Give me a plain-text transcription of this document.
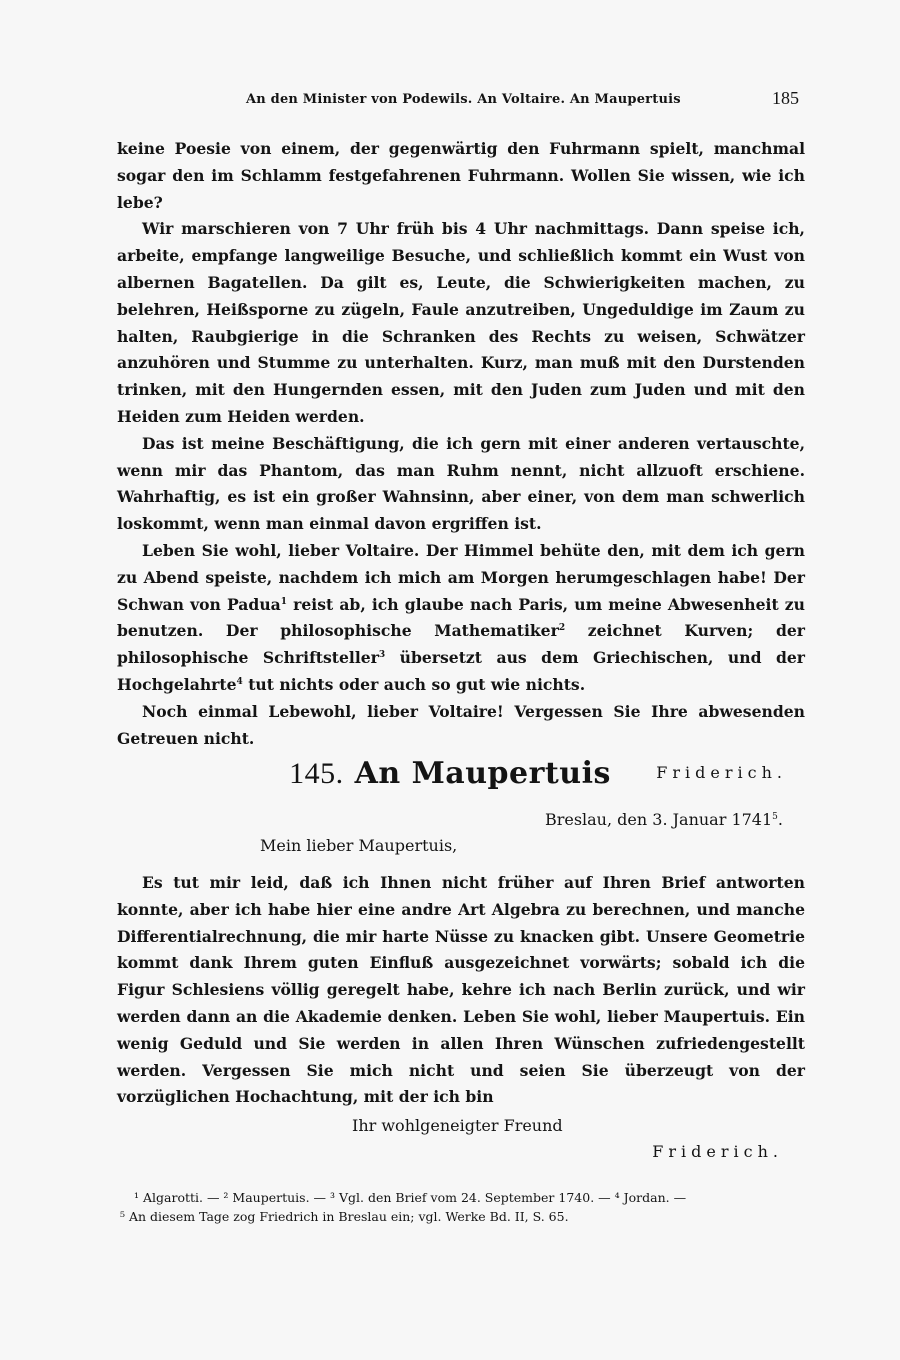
An den Minister von Podewils. An Voltaire. An Maupertuis	185

keine Poesie von einem, der gegenwärtig den Fuhrmann spielt, manchmal sogar den im Schlamm festgefahrenen Fuhrmann. Wollen Sie wissen, wie ich lebe?

Wir marschieren von 7 Uhr früh bis 4 Uhr nachmittags. Dann speise ich, arbeite, empfange langweilige Besuche, und schließlich kommt ein Wust von albernen Bagatellen. Da gilt es, Leute, die Schwierigkeiten machen, zu belehren, Heißsporne zu zügeln, Faule anzutreiben, Ungeduldige im Zaum zu halten, Raubgierige in die Schranken des Rechts zu weisen, Schwätzer anzuhören und Stumme zu unterhalten. Kurz, man muß mit den Durstenden trinken, mit den Hungernden essen, mit den Juden zum Juden und mit den Heiden zum Heiden werden.

Das ist meine Beschäftigung, die ich gern mit einer anderen vertauschte, wenn mir das Phantom, das man Ruhm nennt, nicht allzuoft erschiene. Wahrhaftig, es ist ein großer Wahnsinn, aber einer, von dem man schwerlich loskommt, wenn man einmal davon ergriffen ist.

Leben Sie wohl, lieber Voltaire. Der Himmel behüte den, mit dem ich gern zu Abend speiste, nachdem ich mich am Morgen herumgeschlagen habe! Der Schwan von Padua$^1$ reist ab, ich glaube nach Paris, um meine Abwesenheit zu benutzen. Der philosophische Mathematiker$^2$ zeichnet Kurven; der philosophische Schriftsteller$^3$ übersetzt aus dem Griechischen, und der Hochgelahrte$^4$ tut nichts oder auch so gut wie nichts.

Noch einmal Lebewohl, lieber Voltaire! Vergessen Sie Ihre abwesenden Getreuen nicht.

Friderich.
145. An Maupertuis
Breslau, den 3. Januar 1741$^5$.
Mein lieber Maupertuis,

Es tut mir leid, daß ich Ihnen nicht früher auf Ihren Brief antworten konnte, aber ich habe hier eine andre Art Algebra zu berechnen, und manche Differentialrechnung, die mir harte Nüsse zu knacken gibt. Unsere Geometrie kommt dank Ihrem guten Einfluß ausgezeichnet vorwärts; sobald ich die Figur Schlesiens völlig geregelt habe, kehre ich nach Berlin zurück, und wir werden dann an die Akademie denken. Leben Sie wohl, lieber Maupertuis. Ein wenig Geduld und Sie werden in allen Ihren Wünschen zufriedengestellt werden. Vergessen Sie mich nicht und seien Sie überzeugt von der vorzüglichen Hochachtung, mit der ich bin

Ihr wohlgeneigter Freund
Friderich.
¹ Algarotti. — ² Maupertuis. — ³ Vgl. den Brief vom 24. September 1740. — ⁴ Jordan. —
⁵ An diesem Tage zog Friedrich in Breslau ein; vgl. Werke Bd. II, S. 65.
